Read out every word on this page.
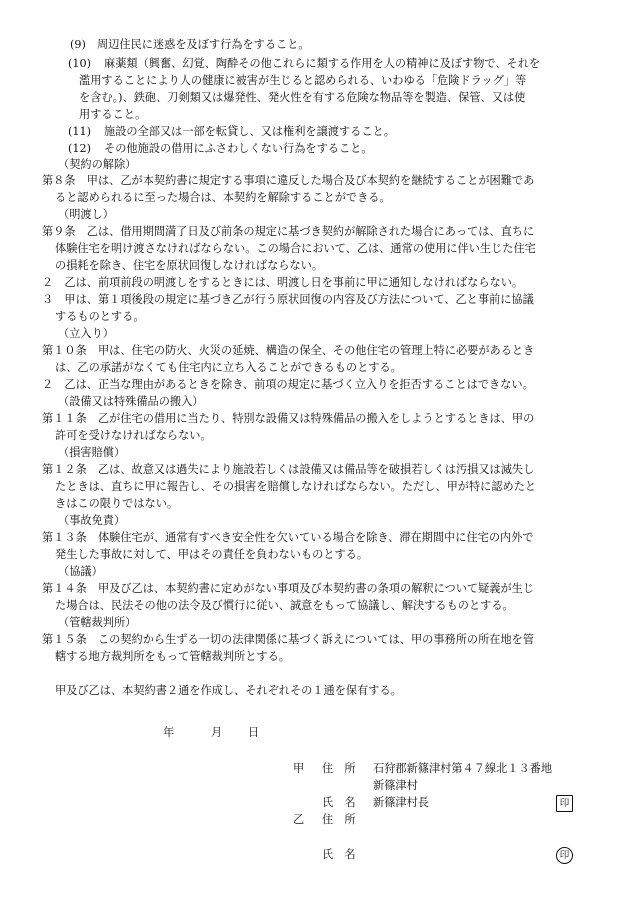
(9) 周辺住民に迷惑を及ぼす行為をすること。
(10) 麻薬類（興奮、幻覚、陶酔その他これらに類する作用を人の精神に及ぼす物で、それを
濫用することにより人の健康に被害が生じると認められる、いわゆる「危険ドラッグ」等
を含む。)、鉄砲、刀剣類又は爆発性、発火性を有する危険な物品等を製造、保管、又は使
用すること。
(11) 施設の全部又は一部を転貸し、又は権利を譲渡すること。
(12) その他施設の借用にふさわしくない行為をすること。
（契約の解除）
第８条　甲は、乙が本契約書に規定する事項に違反した場合及び本契約を継続することが困難であ
ると認められるに至った場合は、本契約を解除することができる。
（明渡し）
第９条　乙は、借用期間満了日及び前条の規定に基づき契約が解除された場合にあっては、直ちに
体験住宅を明け渡さなければならない。この場合において、乙は、通常の使用に伴い生じた住宅
の損耗を除き、住宅を原状回復しなければならない。
２　乙は、前項前段の明渡しをするときには、明渡し日を事前に甲に通知しなければならない。
３　甲は、第１項後段の規定に基づき乙が行う原状回復の内容及び方法について、乙と事前に協議
するものとする。
（立入り）
第１０条　甲は、住宅の防火、火災の延焼、構造の保全、その他住宅の管理上特に必要があるとき
は、乙の承諾がなくても住宅内に立ち入ることができるものとする。
２　乙は、正当な理由があるときを除き、前項の規定に基づく立入りを拒否することはできない。
（設備又は特殊備品の搬入）
第１１条　乙が住宅の借用に当たり、特別な設備又は特殊備品の搬入をしようとするときは、甲の
許可を受けなければならない。
（損害賠償）
第１２条　乙は、故意又は過失により施設若しくは設備又は備品等を破損若しくは汚損又は滅失し
たときは、直ちに甲に報告し、その損害を賠償しなければならない。ただし、甲が特に認めたと
きはこの限りではない。
（事故免責）
第１３条　体験住宅が、通常有すべき安全性を欠いている場合を除き、滞在期間中に住宅の内外で
発生した事故に対して、甲はその責任を負わないものとする。
（協議）
第１４条　甲及び乙は、本契約書に定めがない事項及び本契約書の条項の解釈について疑義が生じ
た場合は、民法その他の法令及び慣行に従い、誠意をもって協議し、解決するものとする。
（管轄裁判所）
第１５条　この契約から生ずる一切の法律関係に基づく訴えについては、甲の事務所の所在地を管
轄する地方裁判所をもって管轄裁判所とする。
甲及び乙は、本契約書２通を作成し、それぞれその１通を保有する。
年	月 日
甲 住　所 石狩郡新篠津村第４７線北１３番地
新篠津村
氏　名 新篠津村長	印
乙 住　所
氏　名	印
